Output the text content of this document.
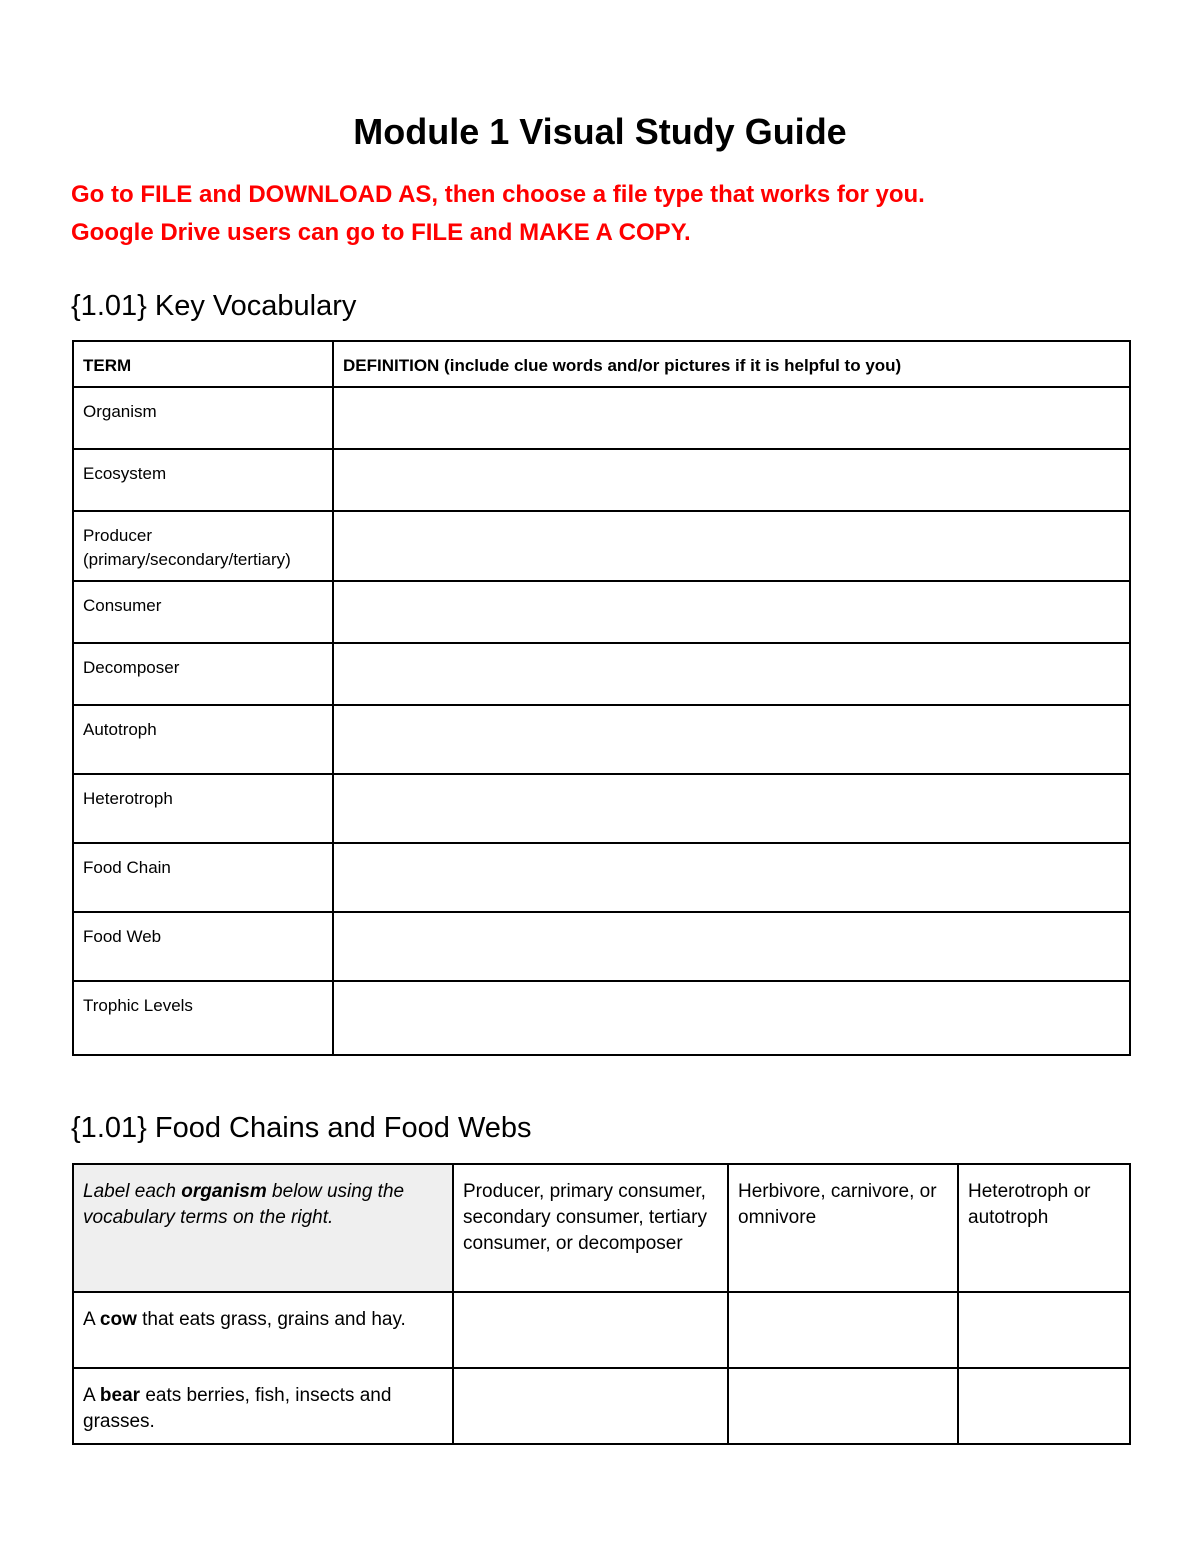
Module 1 Visual Study Guide
Go to FILE and DOWNLOAD AS, then choose a file type that works for you.
Google Drive users can go to FILE and MAKE A COPY.
{1.01} Key Vocabulary
TERM	DEFINITION (include clue words and/or pictures if it is helpful to you)
Organism	
Ecosystem	

Producer
(primary/secondary/tertiary)	

Consumer	
Decomposer	
Autotroph	
Heterotroph	
Food Chain	
Food Web	
Trophic Levels	
{1.01} Food Chains and Food Webs
Label each organism below using the vocabulary terms on the right.	Producer, primary consumer, secondary consumer, tertiary consumer, or decomposer	Herbivore, carnivore, or omnivore	Heterotroph or autotroph
A cow that eats grass, grains and hay.			
A bear eats berries, fish, insects and grasses.			
